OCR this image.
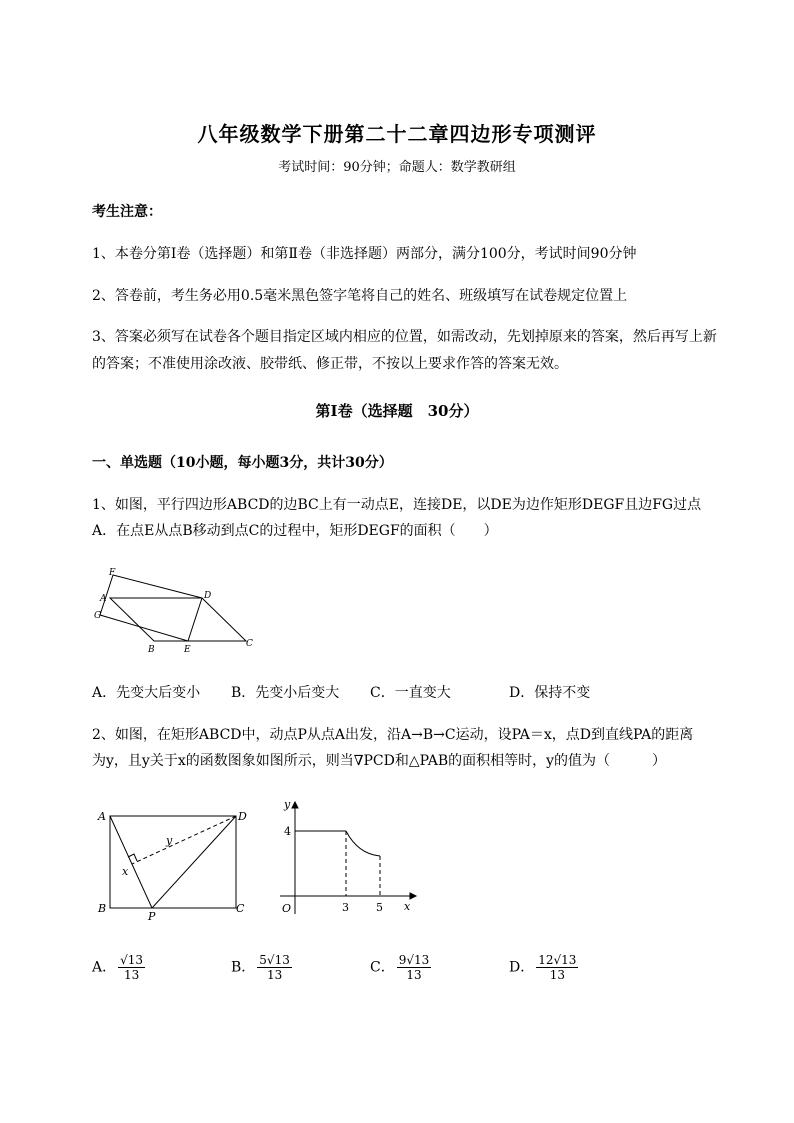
八年级数学下册第二十二章四边形专项测评
考试时间：90分钟；命题人：数学教研组
考生注意：
1、本卷分第I卷（选择题）和第Ⅱ卷（非选择题）两部分，满分100分，考试时间90分钟
2、答卷前，考生务必用0.5毫米黑色签字笔将自己的姓名、班级填写在试卷规定位置上
3、答案必须写在试卷各个题目指定区域内相应的位置，如需改动，先划掉原来的答案，然后再写上新
的答案；不准使用涂改液、胶带纸、修正带，不按以上要求作答的答案无效。
第I卷（选择题　30分）
一、单选题（10小题，每小题3分，共计30分）
1、如图，平行四边形ABCD的边BC上有一动点E，连接DE，以DE为边作矩形DEGF且边FG过点
A．在点E从点B移动到点C的过程中，矩形DEGF的面积（　　）
F
A
G
D
B	E
C
A．先变大后变小 B．先变小后变大 C．一直变大	D．保持不变
2、如图，在矩形ABCD中，动点P从点A出发，沿A→B→C运动，设PA＝x，点D到直线PA的距离
为y，且y关于x的函数图象如图所示，则当∇PCD和△PAB的面积相等时，y的值为（　　　）
A	D
B
P
C
x
y
y
4
O	3 5 x
A． $\frac{√13}{13}$	B． $\frac{5√13}{13}$	C． $\frac{9√13}{13}$	D． $\frac{12√13}{13}$
